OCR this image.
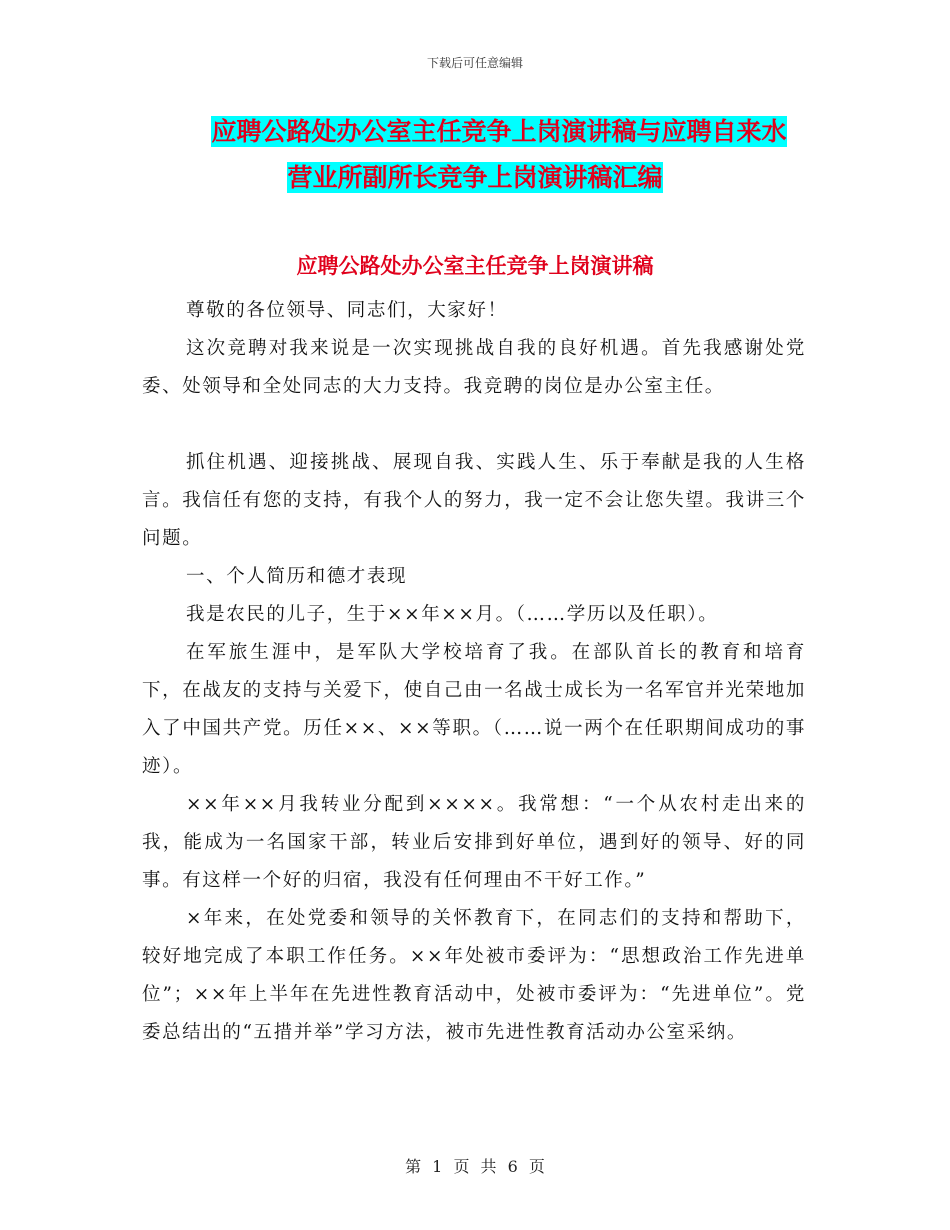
下载后可任意编辑
应聘公路处办公室主任竞争上岗演讲稿与应聘自来水
营业所副所长竞争上岗演讲稿汇编
应聘公路处办公室主任竞争上岗演讲稿

尊敬的各位领导、同志们，大家好！

这次竞聘对我来说是一次实现挑战自我的良好机遇。首先我感谢处党委、处领导和全处同志的大力支持。我竞聘的岗位是办公室主任。

抓住机遇、迎接挑战、展现自我、实践人生、乐于奉献是我的人生格言。我信任有您的支持，有我个人的努力，我一定不会让您失望。我讲三个问题。

一、个人简历和德才表现

我是农民的儿子，生于××年××月。（……学历以及任职）。

在军旅生涯中，是军队大学校培育了我。在部队首长的教育和培育下，在战友的支持与关爱下，使自己由一名战士成长为一名军官并光荣地加入了中国共产党。历任××、××等职。（……说一两个在任职期间成功的事迹）。

××年××月我转业分配到××××。我常想：“一个从农村走出来的我，能成为一名国家干部，转业后安排到好单位，遇到好的领导、好的同事。有这样一个好的归宿，我没有任何理由不干好工作。”

×年来，在处党委和领导的关怀教育下，在同志们的支持和帮助下，较好地完成了本职工作任务。××年处被市委评为：“思想政治工作先进单位”；××年上半年在先进性教育活动中，处被市委评为：“先进单位”。党委总结出的“五措并举”学习方法，被市先进性教育活动办公室采纳。

第 1 页 共 6 页
